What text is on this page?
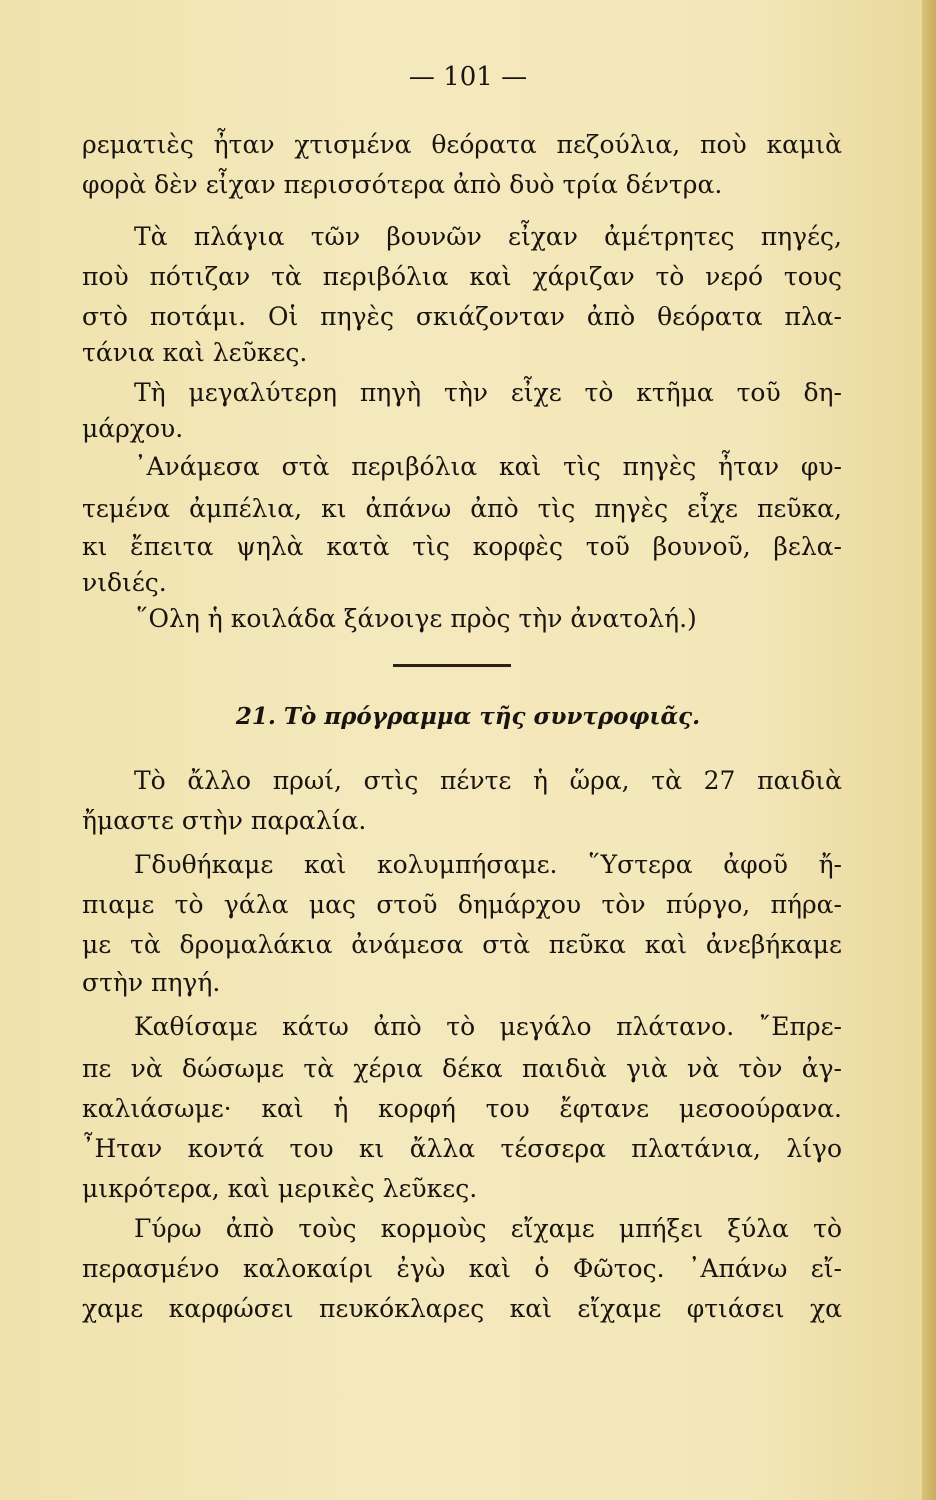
— 101 —
ρεματιὲς ἦταν χτισμένα θεόρατα πεζούλια, ποὺ καμιὰ
φορὰ δὲν εἶχαν περισσότερα ἀπὸ δυὸ τρία δέντρα.
Τὰ πλάγια τῶν βουνῶν εἶχαν ἀμέτρητες πηγές,
ποὺ πότιζαν τὰ περιβόλια καὶ χάριζαν τὸ νερό τους
στὸ ποτάμι. Οἱ πηγὲς σκιάζονταν ἀπὸ θεόρατα πλα-
τάνια καὶ λεῦκες.
Τὴ μεγαλύτερη πηγὴ τὴν εἶχε τὸ κτῆμα τοῦ δη-
μάρχου.
᾿Ανάμεσα στὰ περιβόλια καὶ τὶς πηγὲς ἦταν φυ-
τεμένα ἀμπέλια, κι ἀπάνω ἀπὸ τὶς πηγὲς εἶχε πεῦκα,
κι ἔπειτα ψηλὰ κατὰ τὶς κορφὲς τοῦ βουνοῦ, βελα-
νιδιές.
῞Ολη ἡ κοιλάδα ξάνοιγε πρὸς τὴν ἀνατολή.)
21. Τὸ πρόγραμμα τῆς συντροφιᾶς.
Τὸ ἄλλο πρωί, στὶς πέντε ἡ ὥρα, τὰ 27 παιδιὰ
ἤμαστε στὴν παραλία.
Γδυθήκαμε καὶ κολυμπήσαμε. ῞Υστερα ἀφοῦ ἤ-
πιαμε τὸ γάλα μας στοῦ δημάρχου τὸν πύργο, πήρα-
με τὰ δρομαλάκια ἀνάμεσα στὰ πεῦκα καὶ ἀνεβήκαμε
στὴν πηγή.
Καθίσαμε κάτω ἀπὸ τὸ μεγάλο πλάτανο. ῎Επρε-
πε νὰ δώσωμε τὰ χέρια δέκα παιδιὰ γιὰ νὰ τὸν ἀγ-
καλιάσωμε· καὶ ἡ κορφή του ἔφτανε μεσοούρανα.
῏Ηταν κοντά του κι ἄλλα τέσσερα πλατάνια, λίγο
μικρότερα, καὶ μερικὲς λεῦκες.
Γύρω ἀπὸ τοὺς κορμοὺς εἴχαμε μπήξει ξύλα τὸ
περασμένο καλοκαίρι ἐγὼ καὶ ὁ Φῶτος. ᾿Απάνω εἴ-
χαμε καρφώσει πευκόκλαρες καὶ εἴχαμε φτιάσει χα
